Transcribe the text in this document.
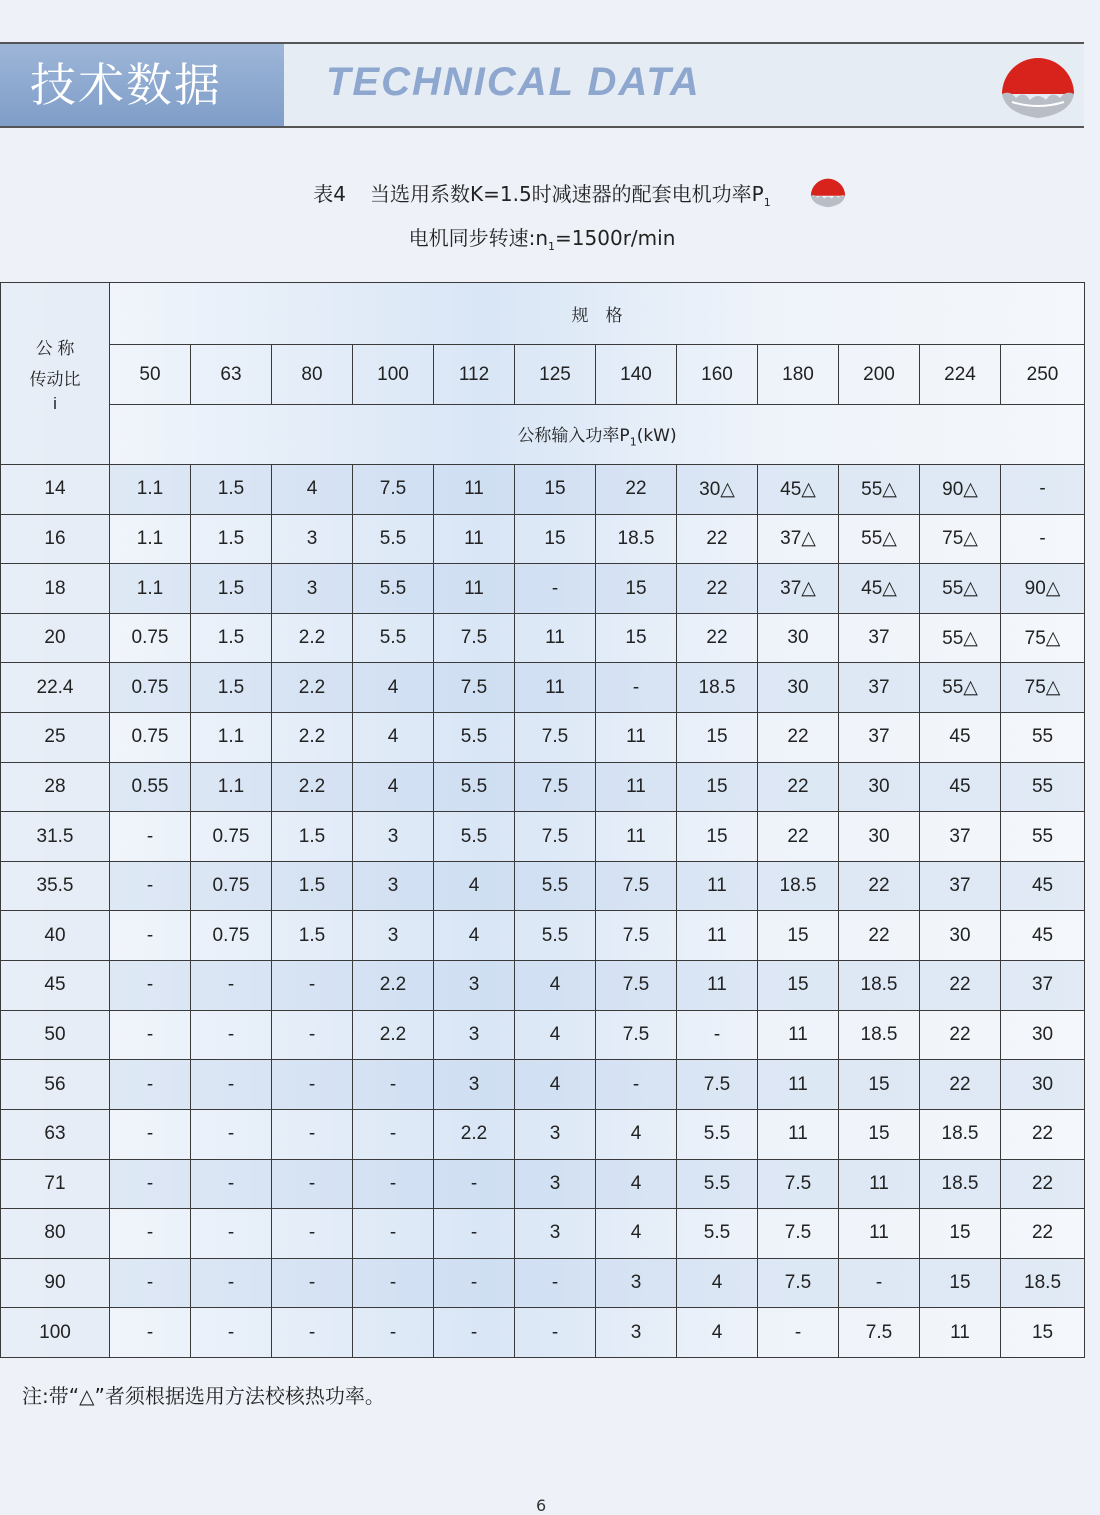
技术数据	TECHNICAL DATA
表4 当选用系数K=1.5时减速器的配套电机功率$P_1$
电机同步转速$:n_1=1500r/\min$
公 称
传动比
i	规　格											
	50	63	80	100	112	125	140	160	180	200	224	250
	公称输入功率$P_1(kW)$											
14	1.1	1.5	4	7.5	11	15	22	30△	45△	55△	90△	-
16	1.1	1.5	3	5.5	11	15	18.5	22	37△	55△	75△	-
18	1.1	1.5	3	5.5	11	-	15	22	37△	45△	55△	90△
20	0.75	1.5	2.2	5.5	7.5	11	15	22	30	37	55△	75△
22.4	0.75	1.5	2.2	4	7.5	11	-	18.5	30	37	55△	75△
25	0.75	1.1	2.2	4	5.5	7.5	11	15	22	37	45	55
28	0.55	1.1	2.2	4	5.5	7.5	11	15	22	30	45	55
31.5	-	0.75	1.5	3	5.5	7.5	11	15	22	30	37	55
35.5	-	0.75	1.5	3	4	5.5	7.5	11	18.5	22	37	45
40	-	0.75	1.5	3	4	5.5	7.5	11	15	22	30	45
45	-	-	-	2.2	3	4	7.5	11	15	18.5	22	37
50	-	-	-	2.2	3	4	7.5	-	11	18.5	22	30
56	-	-	-	-	3	4	-	7.5	11	15	22	30
63	-	-	-	-	2.2	3	4	5.5	11	15	18.5	22
71	-	-	-	-	-	3	4	5.5	7.5	11	18.5	22
80	-	-	-	-	-	3	4	5.5	7.5	11	15	22
90	-	-	-	-	-	-	3	4	7.5	-	15	18.5
100	-	-	-	-	-	-	3	4	-	7.5	11	15
注:带“△”者须根据选用方法校核热功率。
6
